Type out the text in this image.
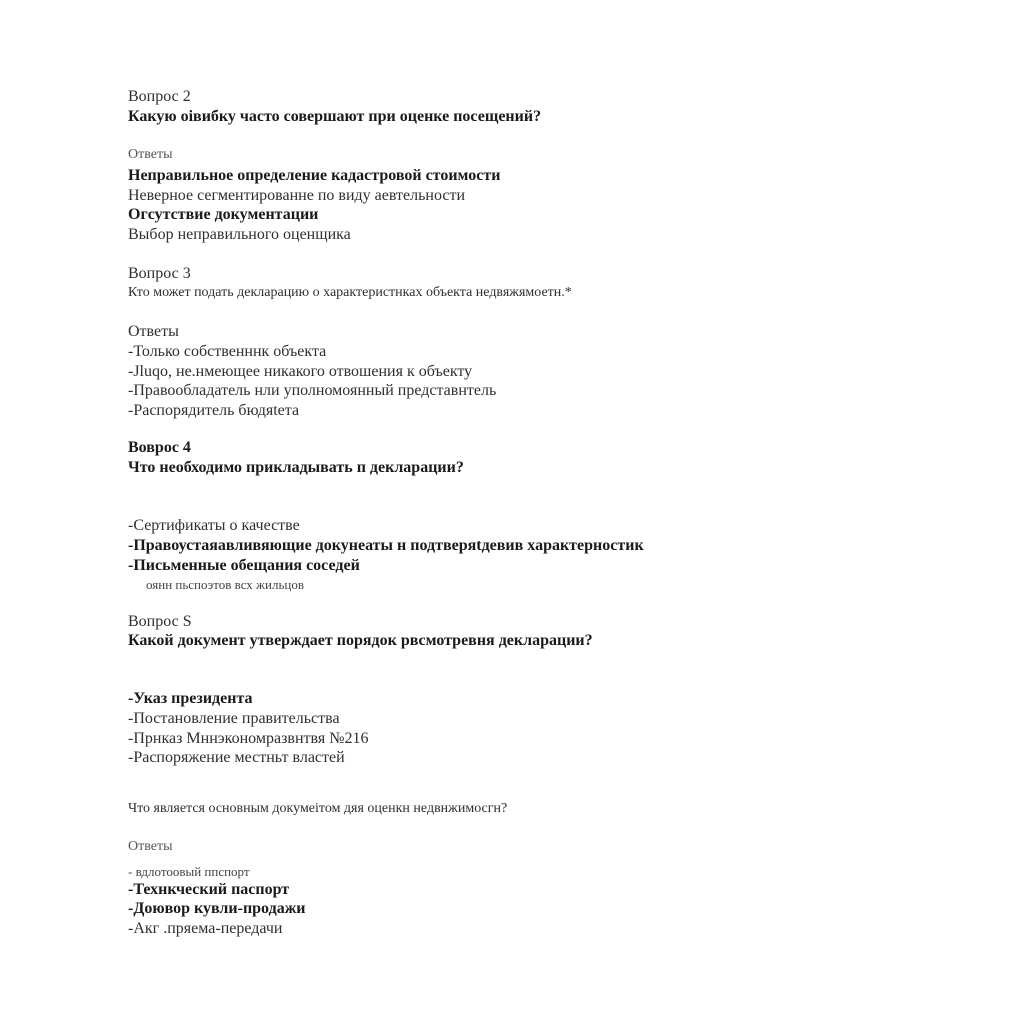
Вопрос 2
Какую оівибку часто совершают при оценке посещений?
Ответы
Неправильное определение кадастровой стоимости
Неверное сегментированне по виду аевтельности
Огсутствие документации
Выбор неправильного оценщика
Вопрос 3
Кто может подать декларацию о характеристнках объекта недвяжямоетн.*
Ответы
-Только собственннк объекта
-Jluqo, не.нмеющее никакого отвошения к объекту
-Правообладатель нли уполномоянный представнтель
-Распорядитель бюдяtета
Вовpос 4
Что необходимо прикладывать п декларации?
-Сертификаты о качестве
-Правоустаяавливяющие докунеаты н подтверяtдевив характерностик
-Письменные обещания соседей
оянн пьспоэтов всх жильцов
Вопрос S
Какой документ утверждает порядок рвсмотревня декларации?
-Указ президента
-Постановление правительства
-Прнказ Мннэкономразвнтвя №216
-Распоряжение местньт властей
Что является основным докумеітом дяя оценкн недвнжимосгн?
Ответы
- вдлотоовый ппспорт
-Технкческий паспорт
-Доювор кувли-продажи
-Акг .пряема-передачи
